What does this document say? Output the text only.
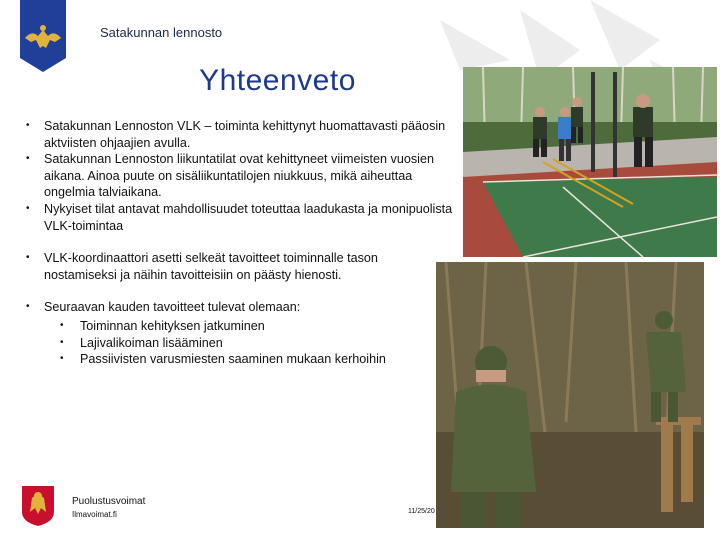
Satakunnan lennosto
Yhteenveto
• Satakunnan Lennoston VLK – toiminta kehittynyt huomattavasti pääosin aktviisten ohjaajien avulla.
• Satakunnan Lennoston liikuntatilat ovat kehittyneet viimeisten vuosien aikana. Ainoa puute on sisäliikuntatilojen niukkuus, mikä aiheuttaa ongelmia talviaikana.
• Nykyiset tilat antavat mahdollisuudet toteuttaa laadukasta ja monipuolista VLK-toimintaa
• VLK-koordinaattori asetti selkeät tavoitteet toiminnalle tason nostamiseksi ja näihin tavoitteisiin on päästy hienosti.
• Seuraavan kauden tavoitteet tulevat olemaan:
• Toiminnan kehityksen jatkuminen
• Lajivalikoiman lisääminen
• Passiivisten varusmiesten saaminen mukaan kerhoihin
Puolustusvoimat
Ilmavoimat.fi	11/25/20
